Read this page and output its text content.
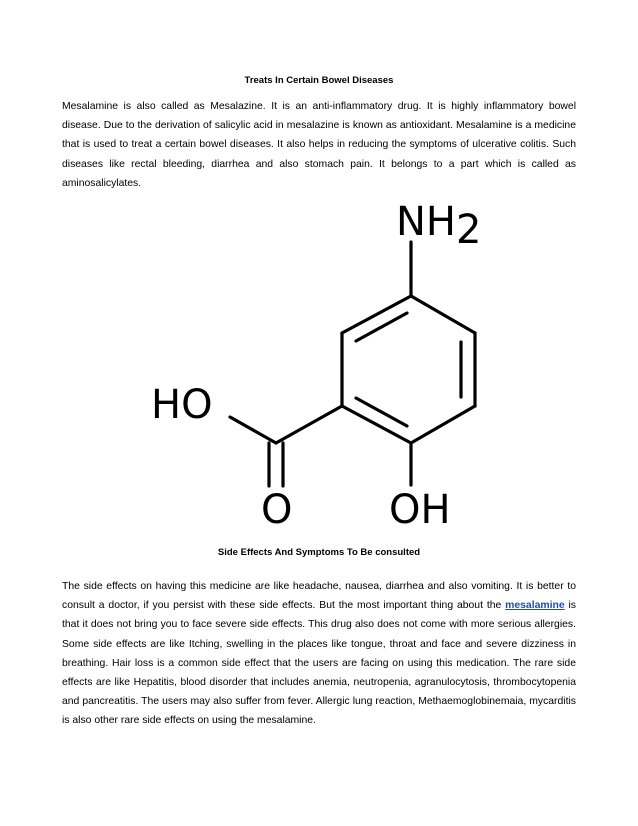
Treats In Certain Bowel Diseases

Mesalamine is also called as Mesalazine. It is an anti-inflammatory drug. It is highly inflammatory bowel disease. Due to the derivation of salicylic acid in mesalazine is known as antioxidant. Mesalamine is a medicine that is used to treat a certain bowel diseases. It also helps in reducing the symptoms of ulcerative colitis. Such diseases like rectal bleeding, diarrhea and also stomach pain. It belongs to a part which is called as aminosalicylates.

NH2
HO
O OH
Side Effects And Symptoms To Be consulted

The side effects on having this medicine are like headache, nausea, diarrhea and also vomiting. It is better to consult a doctor, if you persist with these side effects. But the most important thing about the mesalamine is that it does not bring you to face severe side effects. This drug also does not come with more serious allergies. Some side effects are like Itching, swelling in the places like tongue, throat and face and severe dizziness in breathing. Hair loss is a common side effect that the users are facing on using this medication. The rare side effects are like Hepatitis, blood disorder that includes anemia, neutropenia, agranulocytosis, thrombocytopenia and pancreatitis. The users may also suffer from fever. Allergic lung reaction, Methaemoglobinemaia, mycarditis is also other rare side effects on using the mesalamine.
